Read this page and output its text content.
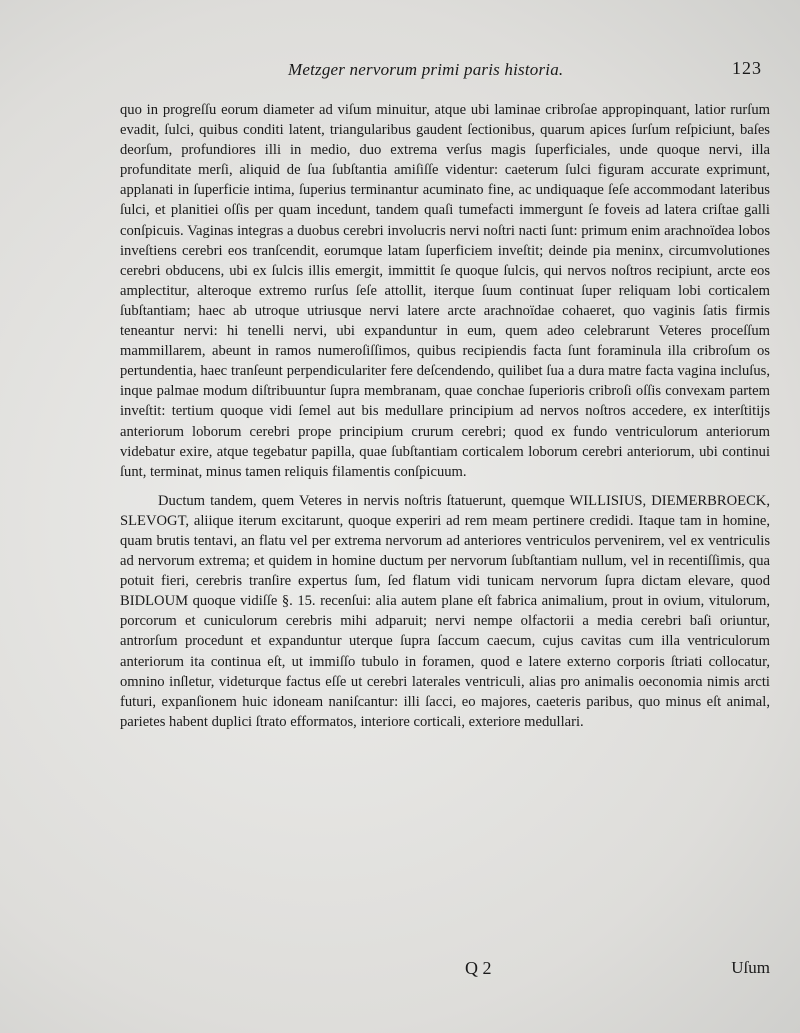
Metzger nervorum primi paris historia.	123

quo in progreſſu eorum diameter ad viſum minuitur, atque ubi laminae cribroſae appropinquant, latior rurſum evadit, ſulci, quibus conditi latent, triangularibus gaudent ſectionibus, quarum apices ſurſum reſpiciunt, baſes deorſum, profundiores illi in medio, duo extrema verſus magis ſuperficiales, unde quoque nervi, illa profunditate merſi, aliquid de ſua ſubſtantia amiſiſſe videntur: caeterum ſulci figuram accurate exprimunt, applanati in ſuperficie intima, ſuperius terminantur acuminato fine, ac undiquaque ſeſe accommodant lateribus ſulci, et planitiei oſſis per quam incedunt, tandem quaſi tumefacti immergunt ſe foveis ad latera criſtae galli conſpicuis. Vaginas integras a duobus cerebri involucris nervi noſtri nacti ſunt: primum enim arachnoïdea lobos inveſtiens cerebri eos tranſcendit, eorumque latam ſuperficiem inveſtit; deinde pia meninx, circumvolutiones cerebri obducens, ubi ex ſulcis illis emergit, immittit ſe quoque ſulcis, qui nervos noſtros recipiunt, arcte eos amplectitur, alteroque extremo rurſus ſeſe attollit, iterque ſuum continuat ſuper reliquam lobi corticalem ſubſtantiam; haec ab utroque utriusque nervi latere arcte arachnoïdae cohaeret, quo vaginis ſatis firmis teneantur nervi: hi tenelli nervi, ubi expanduntur in eum, quem adeo celebrarunt Veteres proceſſum mammillarem, abeunt in ramos numeroſiſſimos, quibus recipiendis facta ſunt foraminula illa cribroſum os pertundentia, haec tranſeunt perpendiculariter fere deſcendendo, quilibet ſua a dura matre facta vagina incluſus, inque palmae modum diſtribuuntur ſupra membranam, quae conchae ſuperioris cribroſi oſſis convexam partem inveſtit: tertium quoque vidi ſemel aut bis medullare principium ad nervos noſtros accedere, ex interſtitijs anteriorum loborum cerebri prope principium crurum cerebri; quod ex fundo ventriculorum anteriorum videbatur exire, atque tegebatur papilla, quae ſubſtantiam corticalem loborum cerebri anteriorum, ubi continui ſunt, terminat, minus tamen reliquis filamentis conſpicuum.

Ductum tandem, quem Veteres in nervis noſtris ſtatuerunt, quemque WILLISIUS, DIEMERBROECK, SLEVOGT, aliique iterum excitarunt, quoque experiri ad rem meam pertinere credidi. Itaque tam in homine, quam brutis tentavi, an flatu vel per extrema nervorum ad anteriores ventriculos pervenirem, vel ex ventriculis ad nervorum extrema; et quidem in homine ductum per nervorum ſubſtantiam nullum, vel in recentiſſimis, qua potuit fieri, cerebris tranſire expertus ſum, ſed flatum vidi tunicam nervorum ſupra dictam elevare, quod BIDLOUM quoque vidiſſe §. 15. recenſui: alia autem plane eſt fabrica animalium, prout in ovium, vitulorum, porcorum et cuniculorum cerebris mihi adparuit; nervi nempe olfactorii a media cerebri baſi oriuntur, antrorſum procedunt et expanduntur uterque ſupra ſaccum caecum, cujus cavitas cum illa ventriculorum anteriorum ita continua eſt, ut immiſſo tubulo in foramen, quod e latere externo corporis ſtriati collocatur, omnino inſletur, videturque factus eſſe ut cerebri laterales ventriculi, alias pro animalis oeconomia nimis arcti futuri, expanſionem huic idoneam naniſcantur: illi ſacci, eo majores, caeteris paribus, quo minus eſt animal, parietes habent duplici ſtrato efformatos, interiore corticali, exteriore medullari.

Q 2	Uſum
